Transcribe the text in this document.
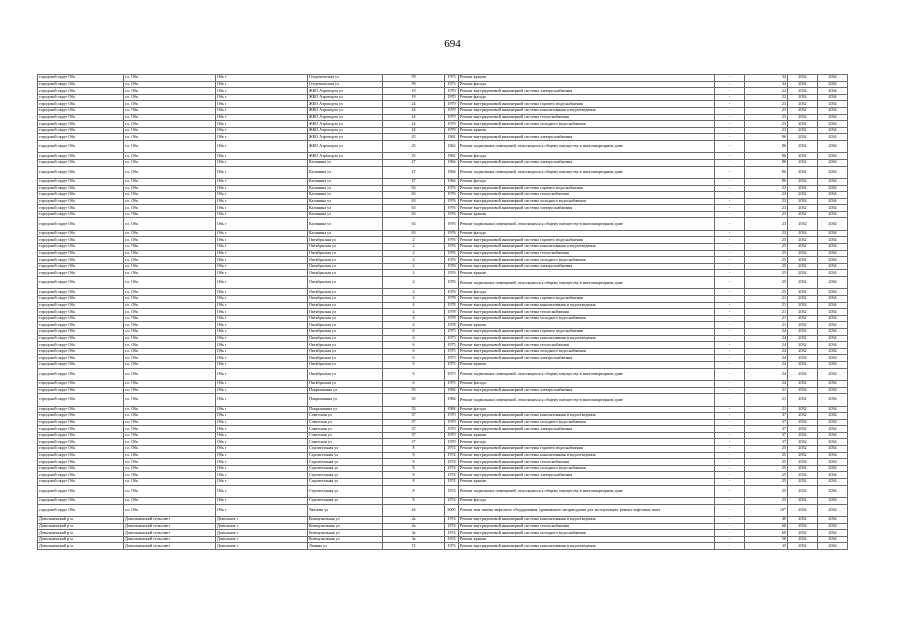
694
городской округ Обь	г.о. Обь	Обь г	Геодезическая ул	59	1973	Ремонт крыши	-	34	2032	2034
городской округ Обь	г.о. Обь	Обь г	Геодезическая ул	59	1973	Ремонт фасада	-	34	2032	2034
городской округ Обь	г.о. Обь	Обь г	ЖКО Аэропорта ул	19	1970	Ремонт внутридомовой инженерной системы электроснабжения	-	22	2032	2034
городской округ Обь	г.о. Обь	Обь г	ЖКО Аэропорта ул	19	1970	Ремонт фасада	-	22	2032	2034
городской округ Обь	г.о. Обь	Обь г	ЖКО Аэропорта ул	24	1979	Ремонт внутридомовой инженерной системы горячего водоснабжения	-	23	2032	2034
городской округ Обь	г.о. Обь	Обь г	ЖКО Аэропорта ул	24	1979	Ремонт внутридомовой инженерной системы канализования и водоотведения	-	23	2032	2034
городской округ Обь	г.о. Обь	Обь г	ЖКО Аэропорта ул	24	1979	Ремонт внутридомовой инженерной системы теплоснабжения	-	23	2032	2034
городской округ Обь	г.о. Обь	Обь г	ЖКО Аэропорта ул	24	1979	Ремонт внутридомовой инженерной системы холодного водоснабжения	-	23	2032	2034
городской округ Обь	г.о. Обь	Обь г	ЖКО Аэропорта ул	24	1979	Ремонт крыши	-	23	2032	2034
городской округ Обь	г.о. Обь	Обь г	ЖКО Аэропорта ул	25	1962	Ремонт внутридомовой инженерной системы электроснабжения	-	86	2032	2034
городской округ Обь	г.о. Обь	Обь г	ЖКО Аэропорта ул	25	1962	Ремонт подвальных помещений, относящихся к общему имуществу в многоквартирном доме	-	86	2032	2034
городской округ Обь	г.о. Обь	Обь г	ЖКО Аэропорта ул	25	1962	Ремонт фасада	-	86	2032	2034
городской округ Обь	г.о. Обь	Обь г	Калинина ул	27	1964	Ремонт внутридомовой инженерной системы электроснабжения	-	86	2032	2034
городской округ Обь	г.о. Обь	Обь г	Калинина ул	27	1964	Ремонт подвальных помещений, относящихся к общему имуществу в многоквартирном доме	-	86	2032	2034
городской округ Обь	г.о. Обь	Обь г	Калинина ул	27	1964	Ремонт фасада	-	86	2032	2034
городской округ Обь	г.о. Обь	Обь г	Калинина ул	63	1976	Ремонт внутридомовой инженерной системы горячего водоснабжения	-	23	2032	2034
городской округ Обь	г.о. Обь	Обь г	Калинина ул	63	1976	Ремонт внутридомовой инженерной системы теплоснабжения	-	23	2032	2034
городской округ Обь	г.о. Обь	Обь г	Калинина ул	63	1976	Ремонт внутридомовой инженерной системы холодного водоснабжения	-	23	2032	2034
городской округ Обь	г.о. Обь	Обь г	Калинина ул	63	1976	Ремонт внутридомовой инженерной системы электроснабжения	-	23	2032	2034
городской округ Обь	г.о. Обь	Обь г	Калинина ул	63	1976	Ремонт крыши	-	23	2032	2034
городской округ Обь	г.о. Обь	Обь г	Калинина ул	63	1976	Ремонт подвальных помещений, относящихся к общему имуществу в многоквартирном доме	-	23	2032	2034
городской округ Обь	г.о. Обь	Обь г	Калинина ул	63	1976	Ремонт фасада	-	23	2032	2034
городской округ Обь	г.о. Обь	Обь г	Октябрьская ул	2	1976	Ремонт внутридомовой инженерной системы горячего водоснабжения	-	25	2032	2034
городской округ Обь	г.о. Обь	Обь г	Октябрьская ул	2	1976	Ремонт внутридомовой инженерной системы канализования и водоотведения	-	25	2032	2034
городской округ Обь	г.о. Обь	Обь г	Октябрьская ул	2	1976	Ремонт внутридомовой инженерной системы теплоснабжения	-	25	2032	2034
городской округ Обь	г.о. Обь	Обь г	Октябрьская ул	2	1976	Ремонт внутридомовой инженерной системы холодного водоснабжения	-	25	2032	2034
городской округ Обь	г.о. Обь	Обь г	Октябрьская ул	2	1976	Ремонт внутридомовой инженерной системы электроснабжения	-	25	2032	2034
городской округ Обь	г.о. Обь	Обь г	Октябрьская ул	2	1976	Ремонт крыши	-	25	2032	2034
городской округ Обь	г.о. Обь	Обь г	Октябрьская ул	2	1976	Ремонт подвальных помещений, относящихся к общему имуществу в многоквартирном доме	-	25	2032	2034
городской округ Обь	г.о. Обь	Обь г	Октябрьская ул	2	1976	Ремонт фасада	-	25	2032	2034
городской округ Обь	г.о. Обь	Обь г	Октябрьская ул	4	1978	Ремонт внутридомовой инженерной системы горячего водоснабжения	-	21	2032	2034
городской округ Обь	г.о. Обь	Обь г	Октябрьская ул	4	1978	Ремонт внутридомовой инженерной системы канализования и водоотведения	-	21	2032	2034
городской округ Обь	г.о. Обь	Обь г	Октябрьская ул	4	1978	Ремонт внутридомовой инженерной системы теплоснабжения	-	21	2032	2034
городской округ Обь	г.о. Обь	Обь г	Октябрьская ул	4	1978	Ремонт внутридомовой инженерной системы холодного водоснабжения	-	21	2032	2034
городской округ Обь	г.о. Обь	Обь г	Октябрьская ул	4	1978	Ремонт крыши	-	21	2032	2034
городской округ Обь	г.о. Обь	Обь г	Октябрьская ул	6	1975	Ремонт внутридомовой инженерной системы горячего водоснабжения	-	24	2032	2034
городской округ Обь	г.о. Обь	Обь г	Октябрьская ул	6	1975	Ремонт внутридомовой инженерной системы канализования и водоотведения	-	24	2032	2034
городской округ Обь	г.о. Обь	Обь г	Октябрьская ул	6	1975	Ремонт внутридомовой инженерной системы теплоснабжения	-	24	2032	2034
городской округ Обь	г.о. Обь	Обь г	Октябрьская ул	6	1975	Ремонт внутридомовой инженерной системы холодного водоснабжения	-	24	2032	2034
городской округ Обь	г.о. Обь	Обь г	Октябрьская ул	6	1975	Ремонт внутридомовой инженерной системы электроснабжения	-	24	2032	2034
городской округ Обь	г.о. Обь	Обь г	Октябрьская ул	6	1975	Ремонт крыши	-	24	2032	2034
городской округ Обь	г.о. Обь	Обь г	Октябрьская ул	6	1975	Ремонт подвальных помещений, относящихся к общему имуществу в многоквартирном доме	-	24	2032	2034
городской округ Обь	г.о. Обь	Обь г	Октябрьская ул	6	1975	Ремонт фасада	-	24	2032	2034
городской округ Обь	г.о. Обь	Обь г	Покрышкина ул	35	1984	Ремонт внутридомовой инженерной системы электроснабжения	-	21	2032	2034
городской округ Обь	г.о. Обь	Обь г	Покрышкина ул	35	1984	Ремонт подвальных помещений, относящихся к общему имуществу в многоквартирном доме	-	21	2032	2034
городской округ Обь	г.о. Обь	Обь г	Покрышкина ул	35	1984	Ремонт фасада	-	21	2032	2034
городской округ Обь	г.о. Обь	Обь г	Советская ул	37	1970	Ремонт внутридомовой инженерной системы канализования и водоотведения	-	37	2032	2034
городской округ Обь	г.о. Обь	Обь г	Советская ул	37	1970	Ремонт внутридомовой инженерной системы холодного водоснабжения	-	37	2032	2034
городской округ Обь	г.о. Обь	Обь г	Советская ул	37	1970	Ремонт внутридомовой инженерной системы электроснабжения	-	37	2032	2034
городской округ Обь	г.о. Обь	Обь г	Советская ул	37	1970	Ремонт крыши	-	37	2032	2034
городской округ Обь	г.о. Обь	Обь г	Советская ул	37	1970	Ремонт фасада	-	37	2032	2034
городской округ Обь	г.о. Обь	Обь г	Строительная ул	8	1974	Ремонт внутридомовой инженерной системы горячего водоснабжения	-	25	2032	2034
городской округ Обь	г.о. Обь	Обь г	Строительная ул	8	1974	Ремонт внутридомовой инженерной системы канализования и водоотведения	-	25	2032	2034
городской округ Обь	г.о. Обь	Обь г	Строительная ул	8	1974	Ремонт внутридомовой инженерной системы теплоснабжения	-	25	2032	2034
городской округ Обь	г.о. Обь	Обь г	Строительная ул	8	1974	Ремонт внутридомовой инженерной системы холодного водоснабжения	-	25	2032	2034
городской округ Обь	г.о. Обь	Обь г	Строительная ул	8	1974	Ремонт внутридомовой инженерной системы электроснабжения	-	25	2032	2034
городской округ Обь	г.о. Обь	Обь г	Строительная ул	8	1974	Ремонт крыши	-	25	2032	2034
городской округ Обь	г.о. Обь	Обь г	Строительная ул	8	1974	Ремонт подвальных помещений, относящихся к общему имуществу в многоквартирном доме	-	25	2032	2034
городской округ Обь	г.о. Обь	Обь г	Строительная ул	8	1974	Ремонт фасада	-	25	2032	2034
городской округ Обь	г.о. Обь	Обь г	Чкалова ул	44	2005	Ремонт или замена лифтового оборудования, признанного непригодным для эксплуатации, ремонт лифтовых шахт	-	10*	2032	2034
Довольненский р-н	Довольненский сельсовет	Довольное с	Коммунальная ул	2а	1974	Ремонт внутридомовой инженерной системы канализования и водоотведения	-	40	2032	2034
Довольненский р-н	Довольненский сельсовет	Довольное с	Коммунальная ул	2а	1974	Ремонт внутридомовой инженерной системы теплоснабжения	-	60	2032	2034
Довольненский р-н	Довольненский сельсовет	Довольное с	Коммунальная ул	3а	1974	Ремонт внутридомовой инженерной системы холодного водоснабжения	-	60	2032	2034
Довольненский р-н	Довольненский сельсовет	Довольное с	Коммунальная ул	3а	1974	Ремонт крыши	-	50	2032	2034
Довольненский р-н	Довольненский сельсовет	Довольное с	Ленина ул	72	1973	Ремонт внутридомовой инженерной системы канализования и водоотведения	-	35	2032	2034
